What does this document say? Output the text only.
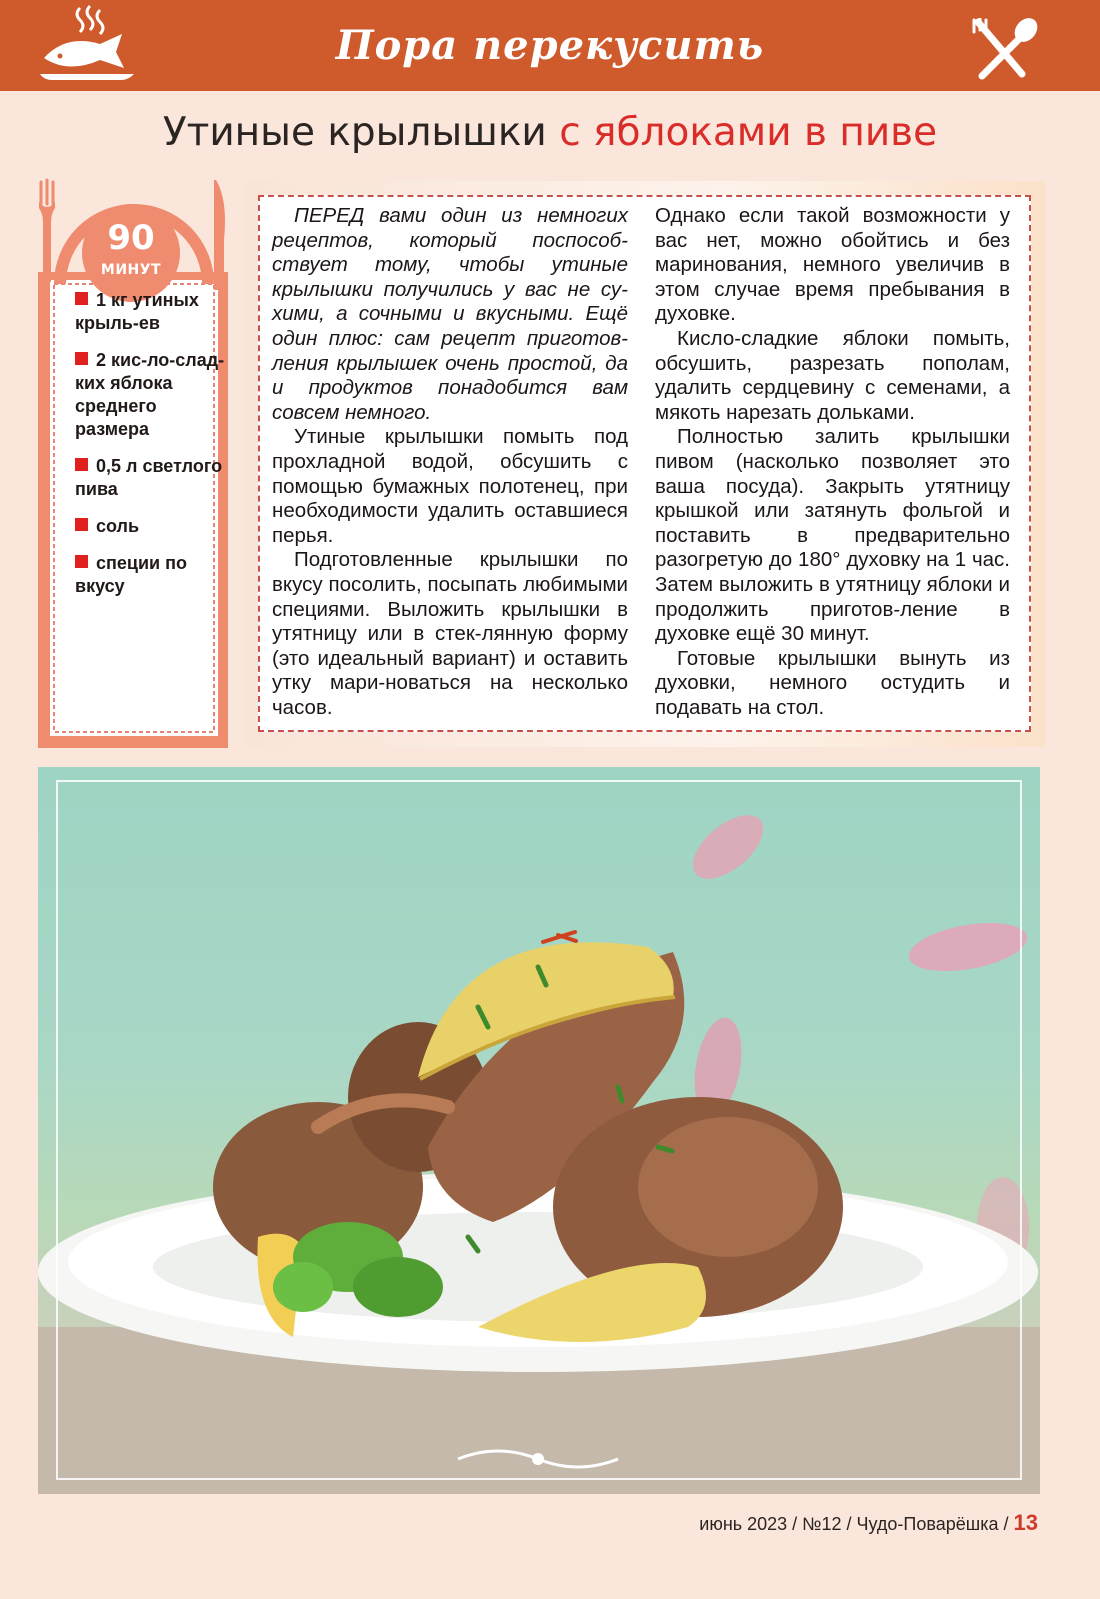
Пора перекусить
Утиные крылышки с яблоками в пиве
90
МИНУТ
1 кг утиных крыль-ев
2 кис-ло-слад-ких яблока среднего размера
0,5 л светлого пива
соль
специи по вкусу

ПЕРЕД вами один из немногих рецептов, который поспособ-ствует тому, чтобы утиные крылышки получились у вас не су-хими, а сочными и вкусными. Ещё один плюс: сам рецепт приготов-ления крылышек очень простой, да и продуктов понадобится вам совсем немного.

Утиные крылышки помыть под прохладной водой, обсушить с помощью бумажных полотенец, при необходимости удалить оставшиеся перья.

Подготовленные крылышки по вкусу посолить, посыпать любимыми специями. Выложить крылышки в утятницу или в стек-лянную форму (это идеальный вариант) и оставить утку мари-новаться на несколько часов.

Однако если такой возможности у вас нет, можно обойтись и без маринования, немного увеличив в этом случае время пребывания в духовке.

Кисло-сладкие яблоки помыть, обсушить, разрезать пополам, удалить сердцевину с семенами, а мякоть нарезать дольками.

Полностью залить крылышки пивом (насколько позволяет это ваша посуда). Закрыть утятницу крышкой или затянуть фольгой и поставить в предварительно разогретую до 180° духовку на 1 час. Затем выложить в утятницу яблоки и продолжить приготов-ление в духовке ещё 30 минут.

Готовые крылышки вынуть из духовки, немного остудить и подавать на стол.

июнь 2023 / №12 / Чудо-Поварёшка / 13
